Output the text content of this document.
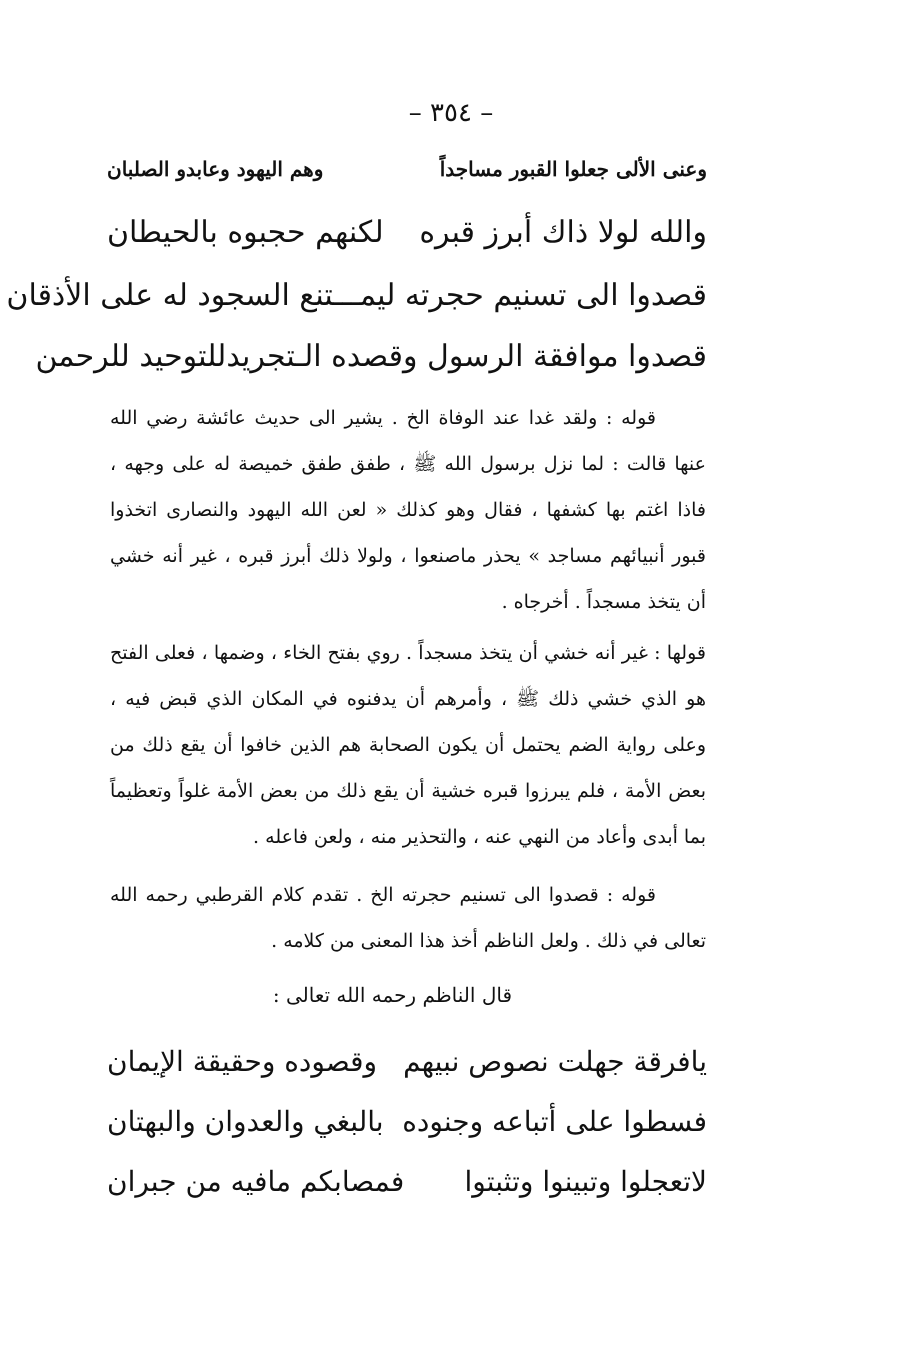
– ٣٥٤ –
وعنى الألى جعلوا القبور مساجداً
وهم اليهود وعابدو الصلبان
والله لولا ذاك أبرز قبره
لكنهم حجبوه بالحيطان
قصدوا الى تسنيم حجرته ليمـــتنع السجود له على الأذقان
قصدوا موافقة الرسول وقصده الـتجريد
للتوحيد للرحمن
قوله : ولقد غدا عند الوفاة الخ . يشير الى حديث عائشة رضي الله عنها قالت : لما نزل برسول الله ﷺ ، طفق طفق خميصة له على وجهه ، فاذا اغتم بها كشفها ، فقال وهو كذلك « لعن الله اليهود والنصارى اتخذوا قبور أنبيائهم مساجد » يحذر ماصنعوا ، ولولا ذلك أبرز قبره ، غير أنه خشي أن يتخذ مسجداً . أخرجاه .
قولها : غير أنه خشي أن يتخذ مسجداً . روي بفتح الخاء ، وضمها ، فعلى الفتح هو الذي خشي ذلك ﷺ ، وأمرهم أن يدفنوه في المكان الذي قبض فيه ، وعلى رواية الضم يحتمل أن يكون الصحابة هم الذين خافوا أن يقع ذلك من بعض الأمة ، فلم يبرزوا قبره خشية أن يقع ذلك من بعض الأمة غلواً وتعظيماً بما أبدى وأعاد من النهي عنه ، والتحذير منه ، ولعن فاعله .
قوله : قصدوا الى تسنيم حجرته الخ . تقدم كلام القرطبي رحمه الله تعالى في ذلك . ولعل الناظم أخذ هذا المعنى من كلامه .
قال الناظم رحمه الله تعالى :
يافرقة جهلت نصوص نبيهم
وقصوده وحقيقة الإيمان
فسطوا على أتباعه وجنوده
بالبغي والعدوان والبهتان
لاتعجلوا وتبينوا وتثبتوا
فمصابكم مافيه من جبران
